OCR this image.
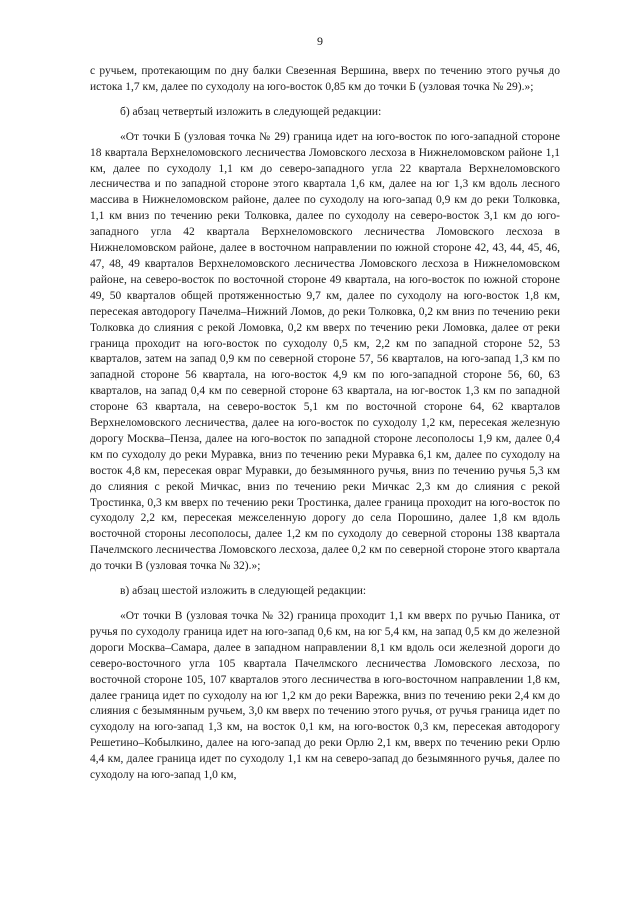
9

с ручьем, протекающим по дну балки Свезенная Вершина, вверх по течению этого ручья до истока 1,7 км, далее по суходолу на юго-восток 0,85 км до точки Б (узловая точка № 29).»;

б) абзац четвертый изложить в следующей редакции:

«От точки Б (узловая точка № 29) граница идет на юго-восток по юго-западной стороне 18 квартала Верхнеломовского лесничества Ломовского лесхоза в Нижнеломовском районе 1,1 км, далее по суходолу 1,1 км до северо-западного угла 22 квартала Верхнеломовского лесничества и по западной стороне этого квартала 1,6 км, далее на юг 1,3 км вдоль лесного массива в Нижнеломовском районе, далее по суходолу на юго-запад 0,9 км до реки Толковка, 1,1 км вниз по течению реки Толковка, далее по суходолу на северо-восток 3,1 км до юго-западного угла 42 квартала Верхнеломовского лесничества Ломовского лесхоза в Нижнеломовском районе, далее в восточном направлении по южной стороне 42, 43, 44, 45, 46, 47, 48, 49 кварталов Верхнеломовского лесничества Ломовского лесхоза в Нижнеломовском районе, на северо-восток по восточной стороне 49 квартала, на юго-восток по южной стороне 49, 50 кварталов общей протяженностью 9,7 км, далее по суходолу на юго-восток 1,8 км, пересекая автодорогу Пачелма–Нижний Ломов, до реки Толковка, 0,2 км вниз по течению реки Толковка до слияния с рекой Ломовка, 0,2 км вверх по течению реки Ломовка, далее от реки граница проходит на юго-восток по суходолу 0,5 км, 2,2 км по западной стороне 52, 53 кварталов, затем на запад 0,9 км по северной стороне 57, 56 кварталов, на юго-запад 1,3 км по западной стороне 56 квартала, на юго-восток 4,9 км по юго-западной стороне 56, 60, 63 кварталов, на запад 0,4 км по северной стороне 63 квартала, на юг-восток 1,3 км по западной стороне 63 квартала, на северо-восток 5,1 км по восточной стороне 64, 62 кварталов Верхнеломовского лесничества, далее на юго-восток по суходолу 1,2 км, пересекая железную дорогу Москва–Пенза, далее на юго-восток по западной стороне лесополосы 1,9 км, далее 0,4 км по суходолу до реки Муравка, вниз по течению реки Муравка 6,1 км, далее по суходолу на восток 4,8 км, пересекая овраг Муравки, до безымянного ручья, вниз по течению ручья 5,3 км до слияния с рекой Мичкас, вниз по течению реки Мичкас 2,3 км до слияния с рекой Тростинка, 0,3 км вверх по течению реки Тростинка, далее граница проходит на юго-восток по суходолу 2,2 км, пересекая межселенную дорогу до села Порошино, далее 1,8 км вдоль восточной стороны лесополосы, далее 1,2 км по суходолу до северной стороны 138 квартала Пачелмского лесничества Ломовского лесхоза, далее 0,2 км по северной стороне этого квартала до точки В (узловая точка № 32).»;

в) абзац шестой изложить в следующей редакции:

«От точки В (узловая точка № 32) граница проходит 1,1 км вверх по ручью Паника, от ручья по суходолу граница идет на юго-запад 0,6 км, на юг 5,4 км, на запад 0,5 км до железной дороги Москва–Самара, далее в западном направлении 8,1 км вдоль оси железной дороги до северо-восточного угла 105 квартала Пачелмского лесничества Ломовского лесхоза, по восточной стороне 105, 107 кварталов этого лесничества в юго-восточном направлении 1,8 км, далее граница идет по суходолу на юг 1,2 км до реки Варежка, вниз по течению реки 2,4 км до слияния с безымянным ручьем, 3,0 км вверх по течению этого ручья, от ручья граница идет по суходолу на юго-запад 1,3 км, на восток 0,1 км, на юго-восток 0,3 км, пересекая автодорогу Решетино–Кобылкино, далее на юго-запад до реки Орлю 2,1 км, вверх по течению реки Орлю 4,4 км, далее граница идет по суходолу 1,1 км на северо-запад до безымянного ручья, далее по суходолу на юго-запад 1,0 км,
